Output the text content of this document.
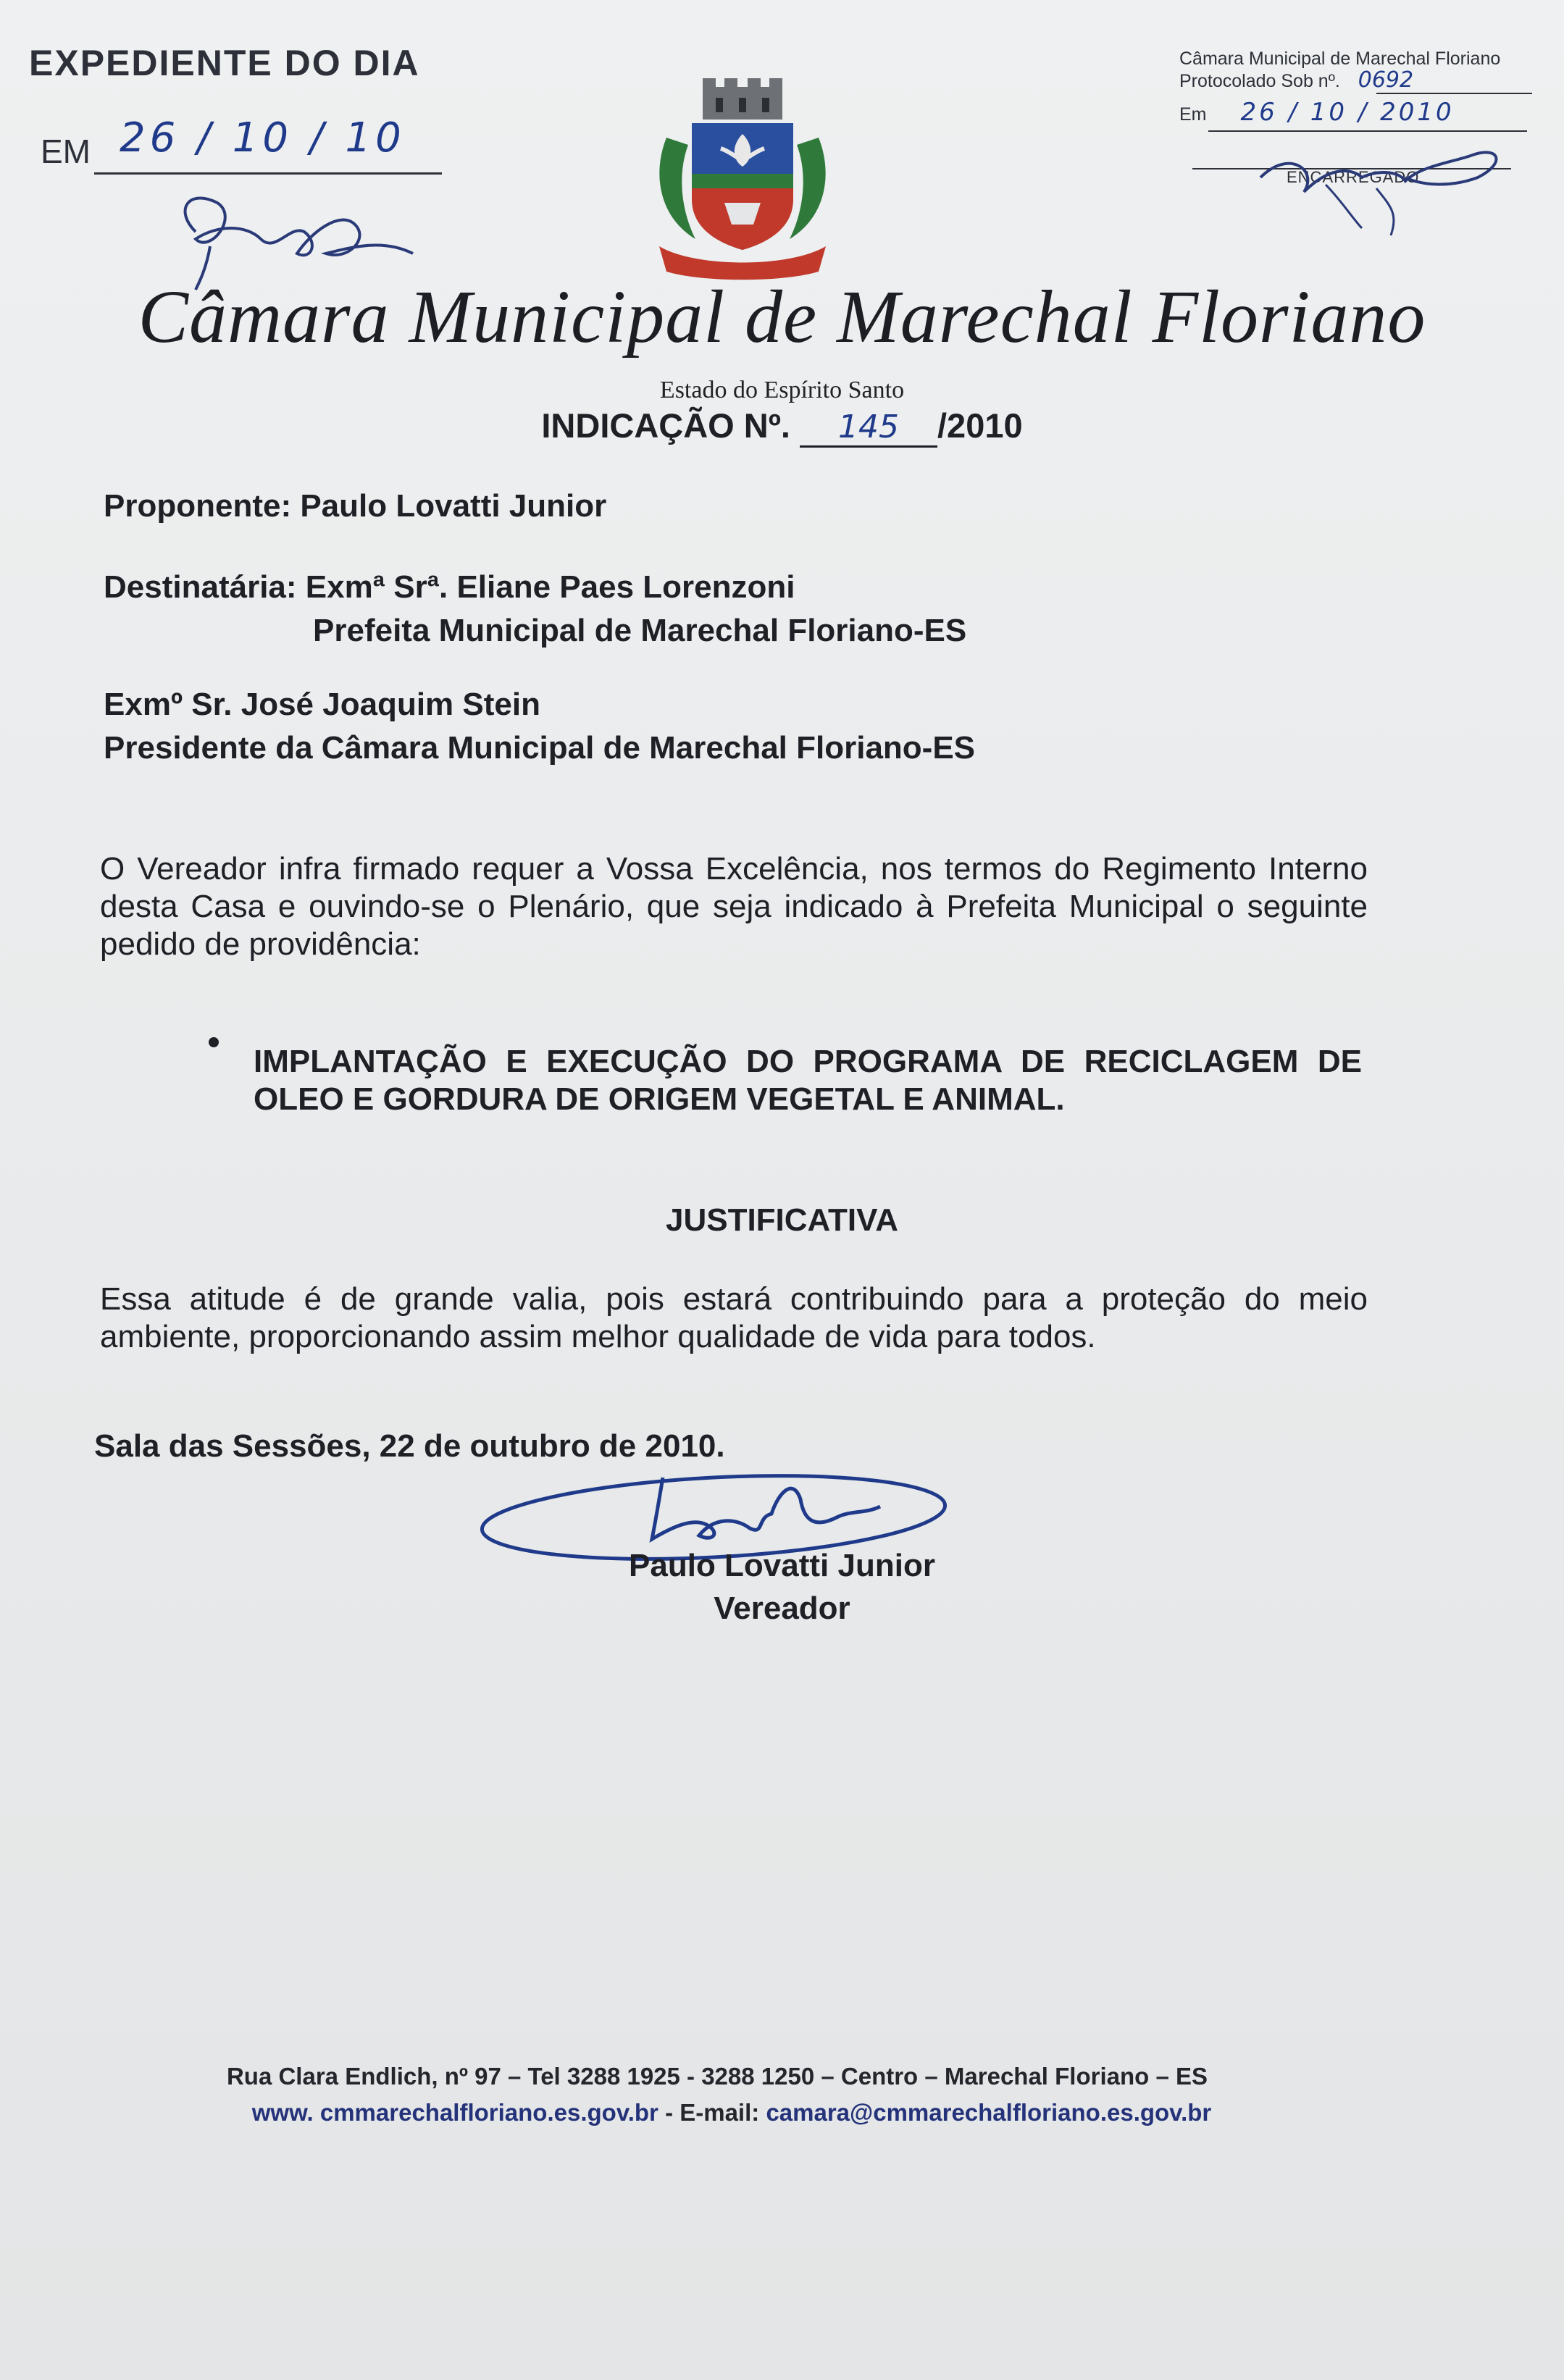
EXPEDIENTE DO DIA
EM 26 / 10 / 10
Câmara Municipal de Marechal Floriano
Protocolado Sob nº. 0692
Em 26 / 10 / 2010
ENCARREGADO
Câmara Municipal de Marechal Floriano
Estado do Espírito Santo
INDICAÇÃO Nº. 145 /2010
Proponente: Paulo Lovatti Junior
Destinatária: Exmª Srª. Eliane Paes Lorenzoni
Prefeita Municipal de Marechal Floriano-ES
Exmº Sr. José Joaquim Stein
Presidente da Câmara Municipal de Marechal Floriano-ES
O Vereador infra firmado requer a Vossa Excelência, nos termos do Regimento Interno desta Casa e ouvindo-se o Plenário, que seja indicado à Prefeita Municipal o seguinte pedido de providência:
IMPLANTAÇÃO E EXECUÇÃO DO PROGRAMA DE RECICLAGEM DE OLEO E GORDURA DE ORIGEM VEGETAL E ANIMAL.
JUSTIFICATIVA
Essa atitude é de grande valia, pois estará contribuindo para a proteção do meio ambiente, proporcionando assim melhor qualidade de vida para todos.
Sala das Sessões, 22 de outubro de 2010.
Paulo Lovatti Junior
Vereador
Rua Clara Endlich, nº 97 – Tel 3288 1925 - 3288 1250 – Centro – Marechal Floriano – ES
www. cmmarechalfloriano.es.gov.br - E-mail: camara@cmmarechalfloriano.es.gov.br
